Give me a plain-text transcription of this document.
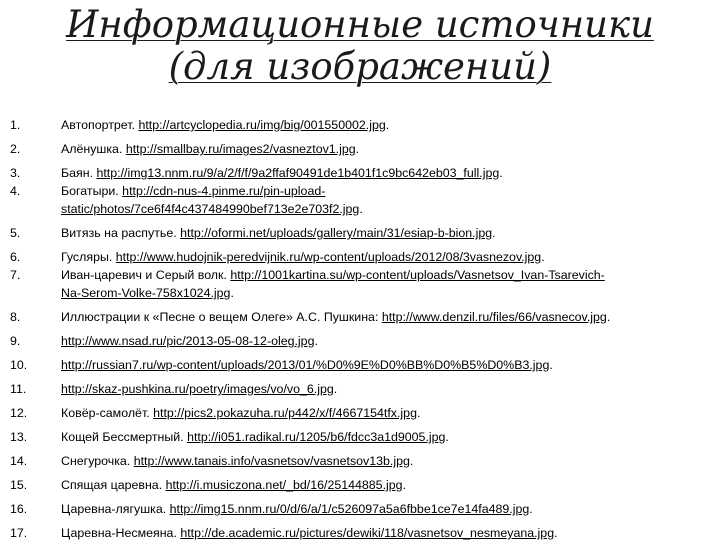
Информационные источники
(для изображений)
1.	Автопортрет. http://artcyclopedia.ru/img/big/001550002.jpg.
2.	Алёнушка. http://smallbay.ru/images2/vasneztov1.jpg.
3.	Баян. http://img13.nnm.ru/9/a/2/f/f/9a2ffaf90491de1b401f1c9bc642eb03_full.jpg.
4.	Богатыри. http://cdn-nus-4.pinme.ru/pin-upload-
static/photos/7ce6f4f4c437484990bef713e2e703f2.jpg.
5.	Витязь на распутье. http://oformi.net/uploads/gallery/main/31/esiap-b-bion.jpg.
6.	Гусляры. http://www.hudojnik-peredvijnik.ru/wp-content/uploads/2012/08/3vasnezov.jpg.
7.	Иван-царевич и Серый волк. http://1001kartina.su/wp-content/uploads/Vasnetsov_Ivan-Tsarevich-
Na-Serom-Volke-758x1024.jpg.
8.	Иллюстрации к «Песне о вещем Олеге» А.С. Пушкина: http://www.denzil.ru/files/66/vasnecov.jpg.
9.	http://www.nsad.ru/pic/2013-05-08-12-oleg.jpg.
10.	http://russian7.ru/wp-content/uploads/2013/01/%D0%9E%D0%BB%D0%B5%D0%B3.jpg.
11.	http://skaz-pushkina.ru/poetry/images/vo/vo_6.jpg.
12.	Ковёр-самолёт. http://pics2.pokazuha.ru/p442/x/f/4667154tfx.jpg.
13.	Кощей Бессмертный. http://i051.radikal.ru/1205/b6/fdcc3a1d9005.jpg.
14.	Снегурочка. http://www.tanais.info/vasnetsov/vasnetsov13b.jpg.
15.	Спящая царевна. http://i.musiczona.net/_bd/16/25144885.jpg.
16.	Царевна-лягушка. http://img15.nnm.ru/0/d/6/a/1/c526097a5a6fbbe1ce7e14fa489.jpg.
17.	Царевна-Несмеяна. http://de.academic.ru/pictures/dewiki/118/vasnetsov_nesmeyana.jpg.
